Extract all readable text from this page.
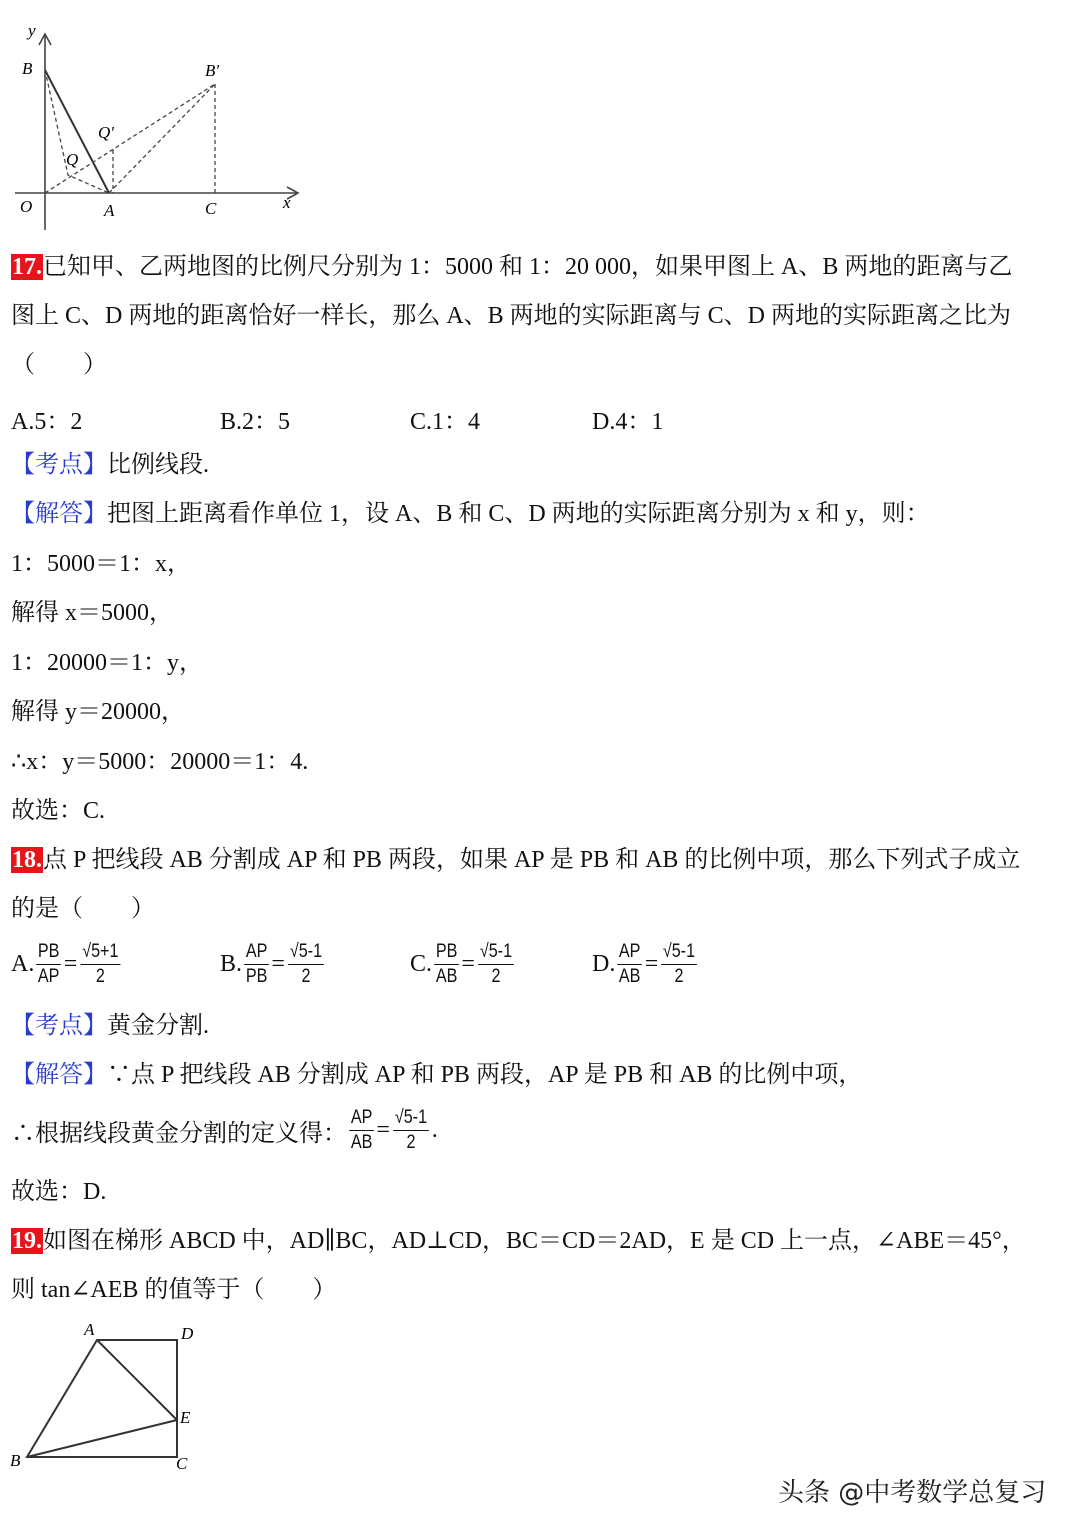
y
B	B'
Q'
Q
O	A	C	x
17.已知甲、乙两地图的比例尺分别为 1：5000 和 1：20 000，如果甲图上 A、B 两地的距离与乙
图上 C、D 两地的距离恰好一样长，那么 A、B 两地的实际距离与 C、D 两地的实际距离之比为
（　　）
A.5：2	B.2：5	C.1：4	D.4：1
【考点】比例线段.
【解答】把图上距离看作单位 1，设 A、B 和 C、D 两地的实际距离分别为 x 和 y，则：
1：5000＝1：x，
解得 x＝5000，
1：20000＝1：y，
解得 y＝20000，
∴x：y＝5000：20000＝1：4.
故选：C.
18.点 P 把线段 AB 分割成 AP 和 PB 两段，如果 AP 是 PB 和 AB 的比例中项，那么下列式子成立
的是（　　）
A. $\frac{PB}{AP} = \frac{√5+1}{2}$	B. $\frac{AP}{PB} = \frac{√5-1}{2}$	C. $\frac{PB}{AB} = \frac{√5-1}{2}$	D. $\frac{AP}{AB} = \frac{√5-1}{2}$
【考点】黄金分割.
【解答】∵点 P 把线段 AB 分割成 AP 和 PB 两段，AP 是 PB 和 AB 的比例中项，
∴根据线段黄金分割的定义得： $\frac{AP}{AB} = \frac{√5-1}{2}$ .
故选：D.
19.如图在梯形 ABCD 中，AD∥BC，AD⊥CD，BC＝CD＝2AD，E 是 CD 上一点，∠ABE＝45°，
则 tan∠AEB 的值等于（　　）
A	D
E
B	C
头条 @中考数学总复习
